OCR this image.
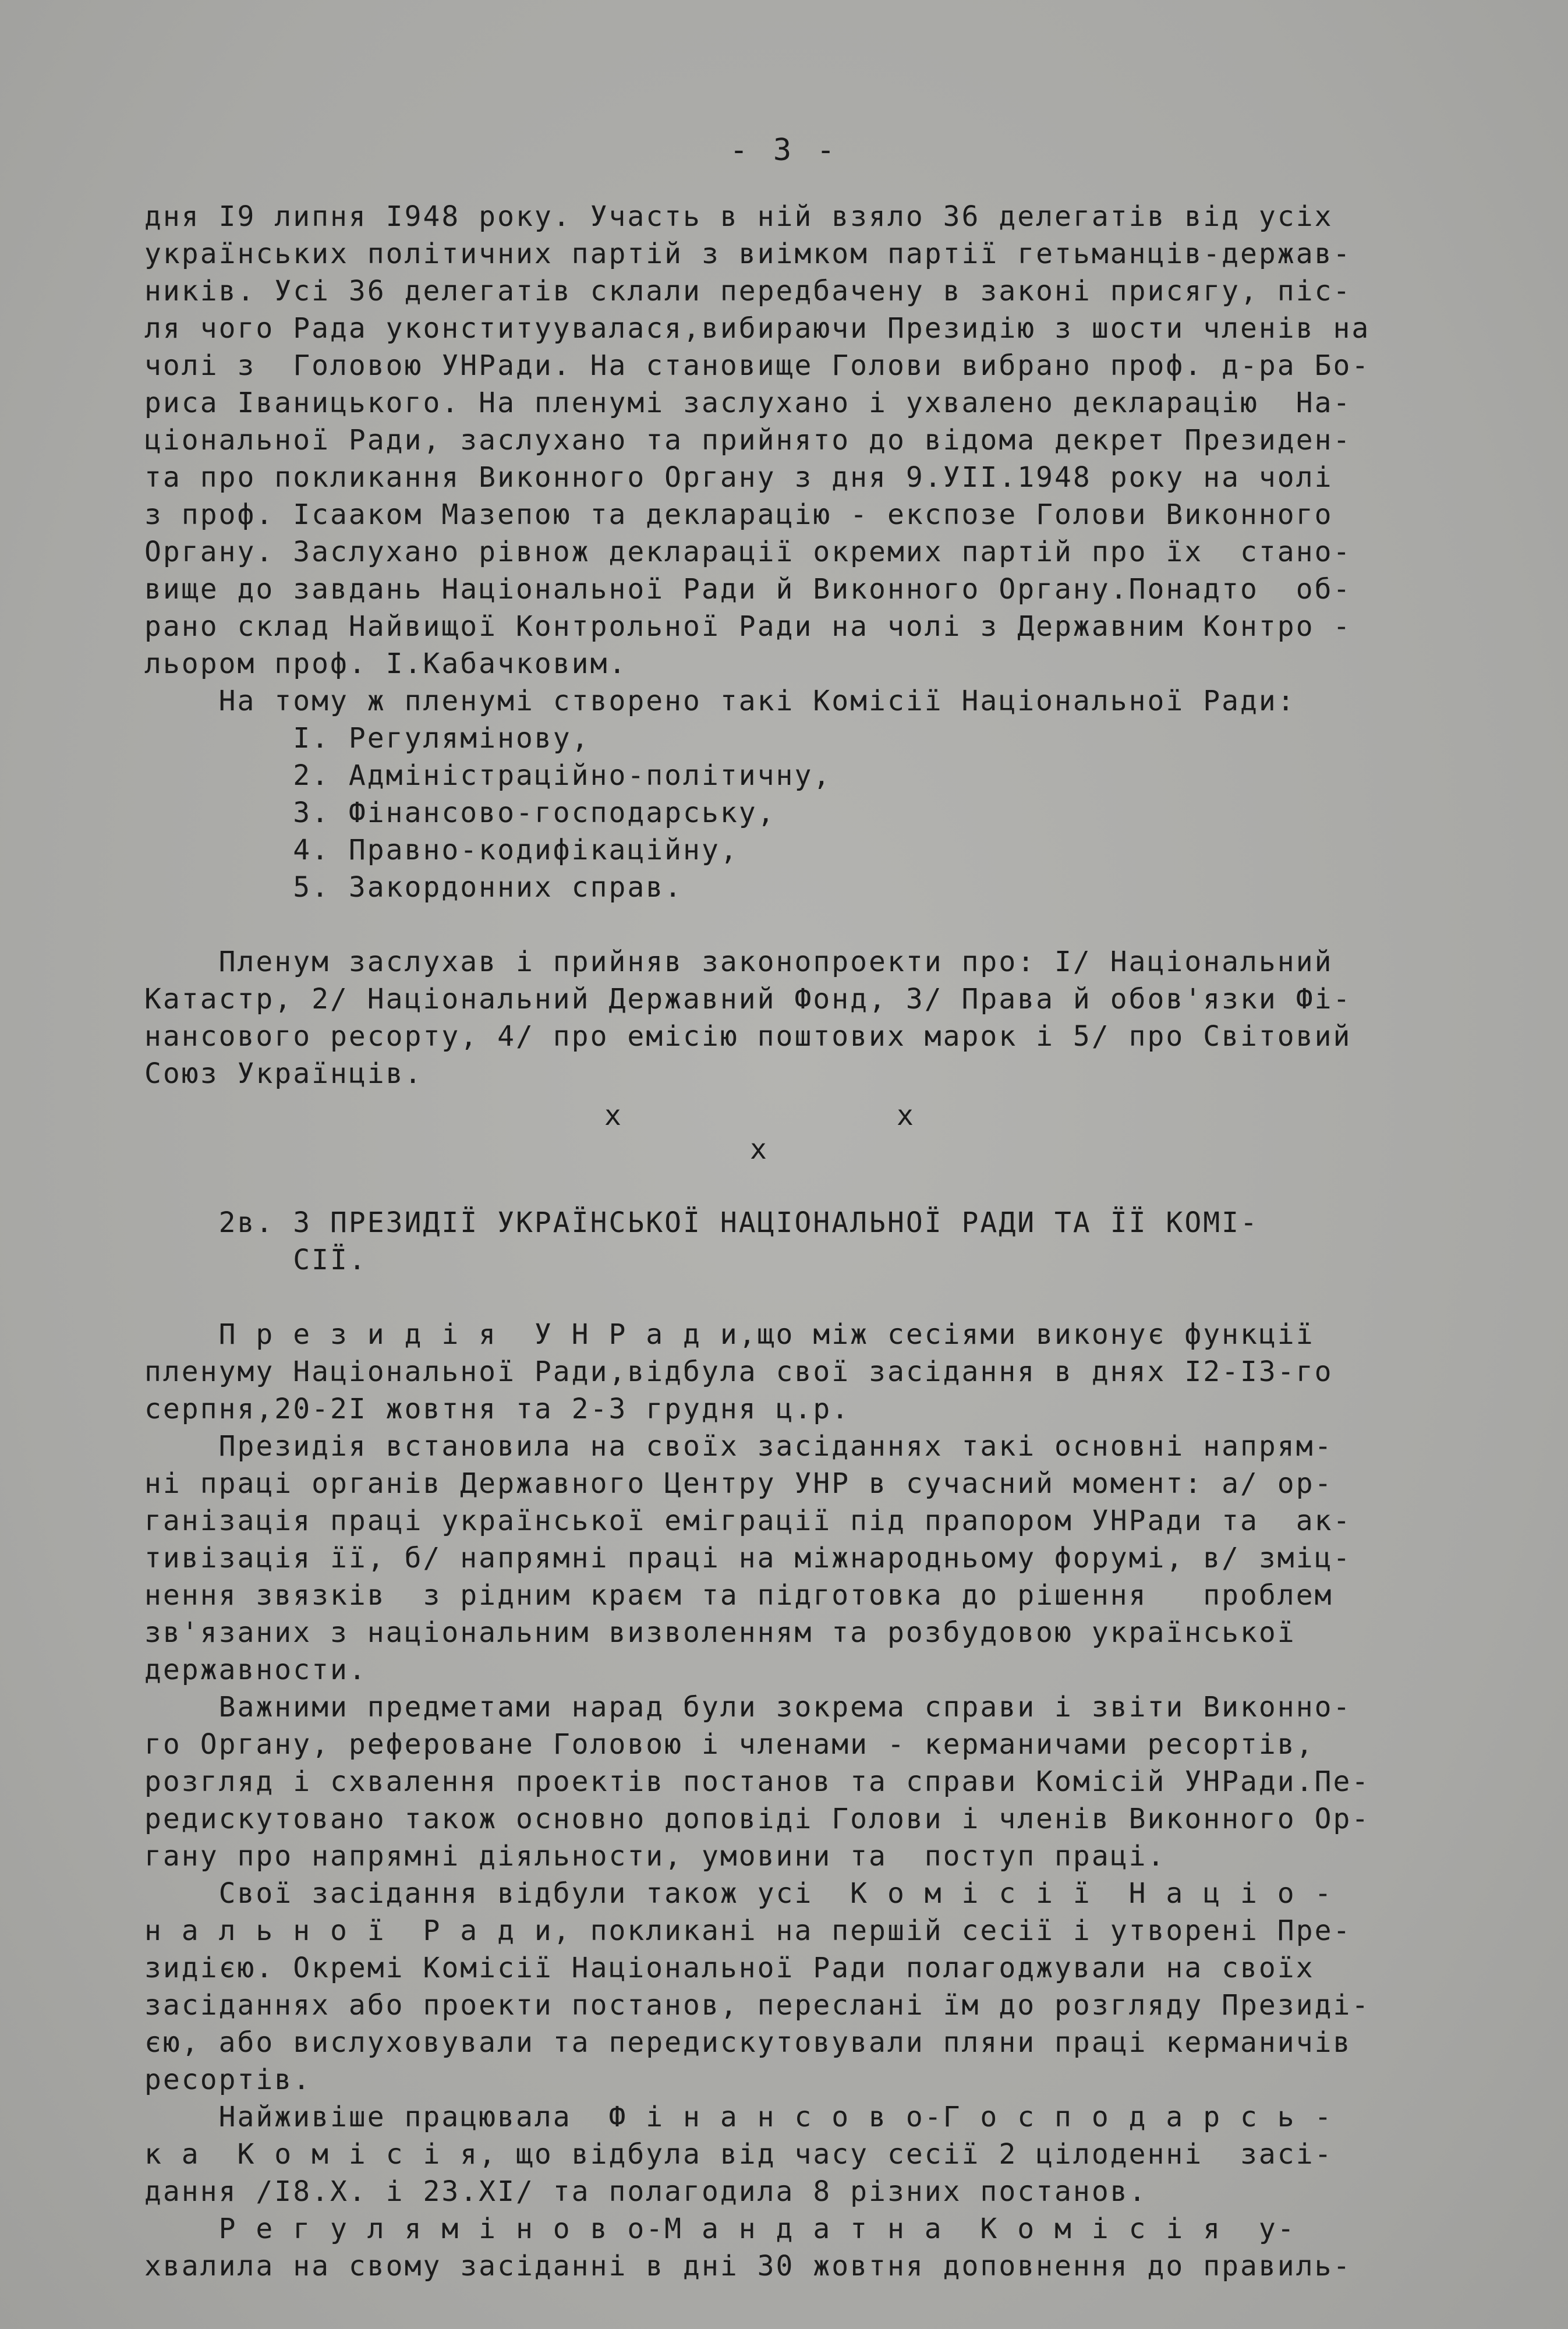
- 3 -
дня I9 липня I948 року. Участь в ній взяло 36 делегатів від усіх
українських політичних партій з виімком партії гетьманців-держав-
ників. Усі 36 делегатів склали передбачену в законі присягу, піс-
ля чого Рада уконституувалася,вибираючи Президію з шости членів на
чолі з  Головою УНРади. На становище Голови вибрано проф. д-ра Бо-
риса Іваницького. На пленумі заслухано і ухвалено декларацію  На-
ціональної Ради, заслухано та прийнято до відома декрет Президен-
та про покликання Виконного Органу з дня 9.УІІ.1948 року на чолі
з проф. Ісааком Мазепою та декларацію - експозе Голови Виконного
Органу. Заслухано рівнож декларації окремих партій про їх  стано-
вище до завдань Національної Ради й Виконного Органу.Понадто  об-
рано склад Найвищої Контрольної Ради на чолі з Державним Контро -
льором проф. І.Кабачковим.
На тому ж пленумі створено такі Комісії Національної Ради:
І. Регулямінову,
2. Адміністраційно-політичну,
3. Фінансово-господарську,
4. Правно-кодифікаційну,
5. Закордонних справ.
Пленум заслухав і прийняв законопроекти про: І/ Національний
Катастр, 2/ Національний Державний Фонд, 3/ Права й обов'язки Фі-
нансового ресорту, 4/ про емісію поштових марок і 5/ про Світовий
Союз Українців.
x	x
x
2в. З ПРЕЗИДІЇ УКРАЇНСЬКОЇ НАЦІОНАЛЬНОЇ РАДИ ТА ЇЇ КОМІ-
СІЇ.
П р е з и д і я  У Н Р а д и,що між сесіями виконує функції
пленуму Національної Ради,відбула свої засідання в днях I2-I3-го
серпня,20-2I жовтня та 2-3 грудня ц.р.
Президія встановила на своїх засіданнях такі основні напрям-
ні праці органів Державного Центру УНР в сучасний момент: а/ ор-
ганізація праці української еміграції під прапором УНРади та  ак-
тивізація її, б/ напрямні праці на міжнародньому форумі, в/ зміц-
нення звязків  з рідним краєм та підготовка до рішення   проблем
зв'язаних з національним визволенням та розбудовою української
державности.
Важними предметами нарад були зокрема справи і звіти Виконно-
го Органу, рефероване Головою і членами - керманичами ресортів,
розгляд і схвалення проектів постанов та справи Комісій УНРади.Пе-
редискутовано також основно доповіді Голови і членів Виконного Ор-
гану про напрямні діяльности, умовини та  поступ праці.
Свої засідання відбули також усі  К о м і с і ї  Н а ц і о -
н а л ь н о ї  Р а д и, покликані на першій сесії і утворені Пре-
зидією. Окремі Комісії Національної Ради полагоджували на своїх
засіданнях або проекти постанов, переслані їм до розгляду Президі-
єю, або вислуховували та передискутовували пляни праці керманичів
ресортів.
Найживіше працювала  Ф і н а н с о в о-Г о с п о д а р с ь -
к а  К о м і с і я, що відбула від часу сесії 2 цілоденні  засі-
дання /I8.X. і 23.XI/ та полагодила 8 різних постанов.
Р е г у л я м і н о в о-М а н д а т н а  К о м і с і я  у-
хвалила на свому засіданні в дні 30 жовтня доповнення до правиль-
